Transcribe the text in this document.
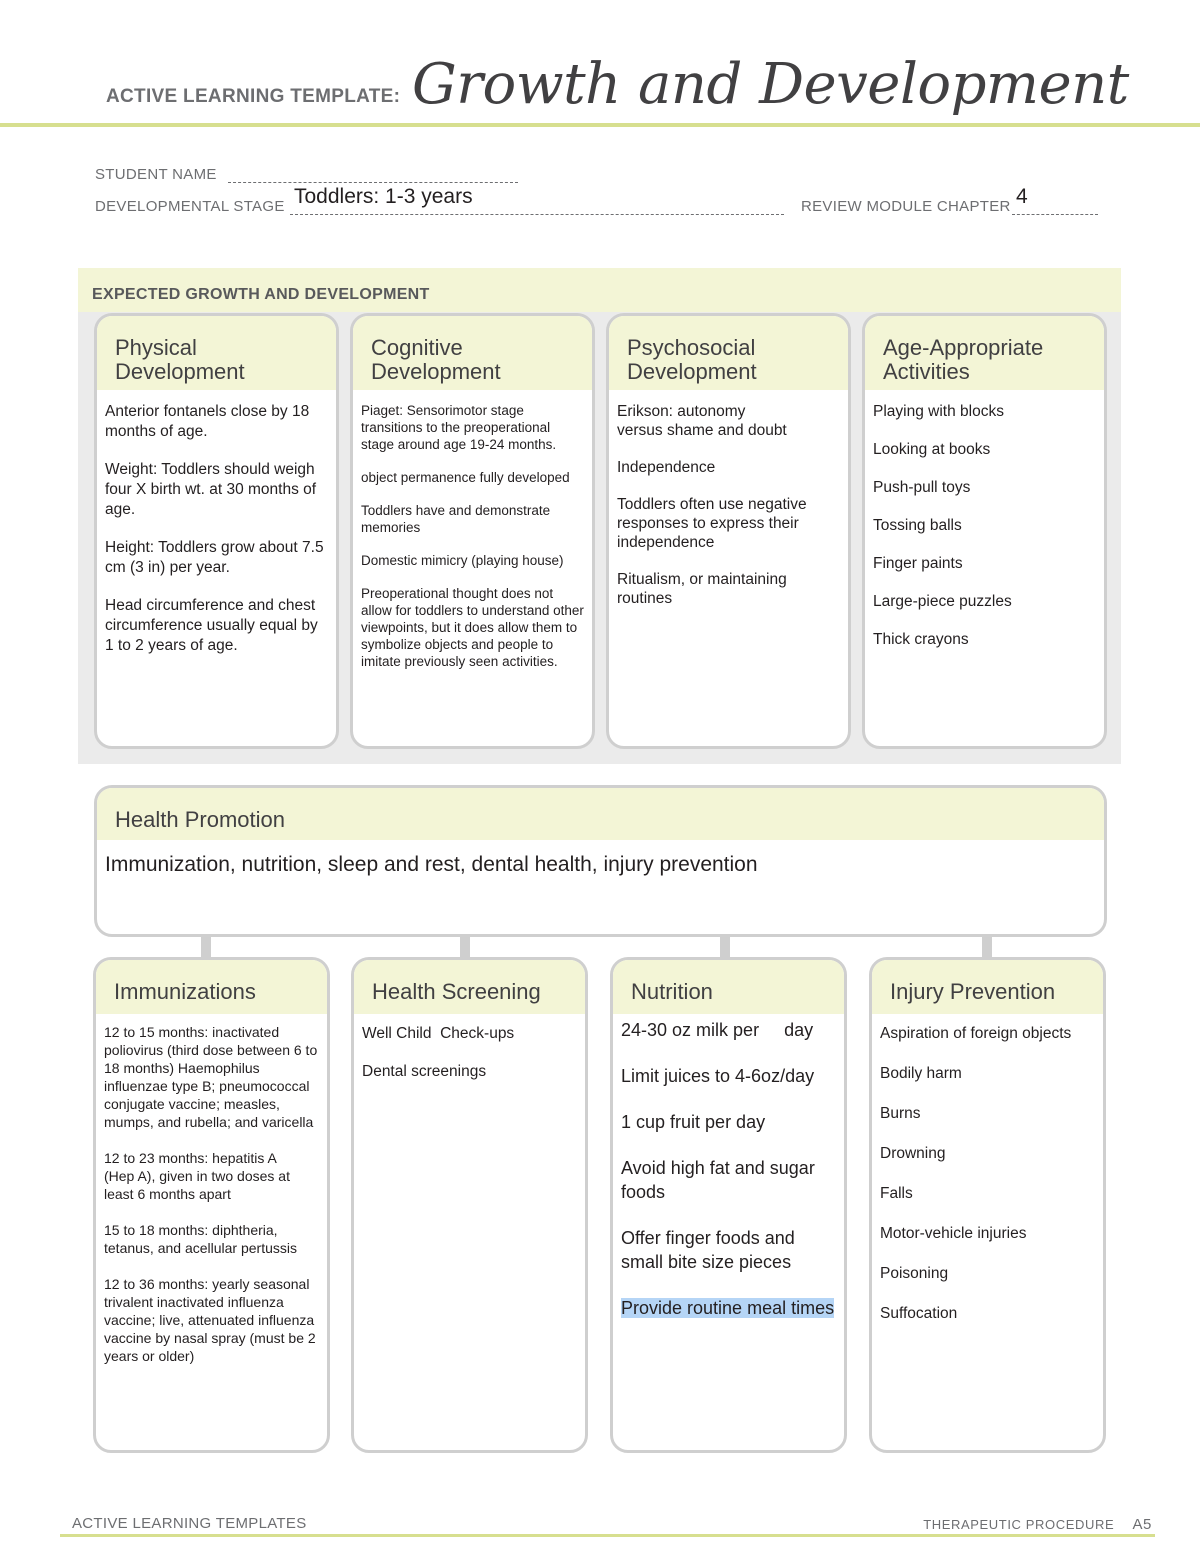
ACTIVE LEARNING TEMPLATE: Growth and Development
STUDENT NAME
DEVELOPMENTAL STAGE Toddlers: 1-3 years	REVIEW MODULE CHAPTER 4
EXPECTED GROWTH AND DEVELOPMENT
Physical
Development

Anterior fontanels close by 18 months of age.

Weight: Toddlers should weigh four X birth wt. at 30 months of age.

Height: Toddlers grow about 7.5 cm (3 in) per year.

Head circumference and chest circumference usually equal by 1 to 2 years of age.

Cognitive
Development

Piaget: Sensorimotor stage transitions to the preoperational stage around age 19-24 months.

object permanence fully developed

Toddlers have and demonstrate memories

Domestic mimicry (playing house)

Preoperational thought does not allow for toddlers to understand other viewpoints, but it does allow them to symbolize objects and people to imitate previously seen activities.

Psychosocial
Development

Erikson: autonomy versus shame and doubt

Independence

Toddlers often use negative responses to express their independence

Ritualism, or maintaining routines

Age-Appropriate
Activities

Playing with blocks

Looking at books

Push-pull toys

Tossing balls

Finger paints

Large-piece puzzles

Thick crayons

Health Promotion
Immunization, nutrition, sleep and rest, dental health, injury prevention
Immunizations

12 to 15 months: inactivated poliovirus (third dose between 6 to 18 months) Haemophilus influenzae type B; pneumococcal conjugate vaccine; measles, mumps, and rubella; and varicella

12 to 23 months: hepatitis A (Hep A), given in two doses at least 6 months apart

15 to 18 months: diphtheria, tetanus, and acellular pertussis

12 to 36 months: yearly seasonal trivalent inactivated influenza vaccine; live, attenuated influenza vaccine by nasal spray (must be 2 years or older)

Health Screening

Well Child  Check-ups

Dental screenings

Nutrition

24-30 oz milk per     day

Limit juices to 4-6oz/day

1 cup fruit per day

Avoid high fat and sugar foods

Offer finger foods and small bite size pieces

Provide routine meal times

Injury Prevention

Aspiration of foreign objects

Bodily harm

Burns

Drowning

Falls

Motor-vehicle injuries

Poisoning

Suffocation

ACTIVE LEARNING TEMPLATES	THERAPEUTIC PROCEDURE A5
